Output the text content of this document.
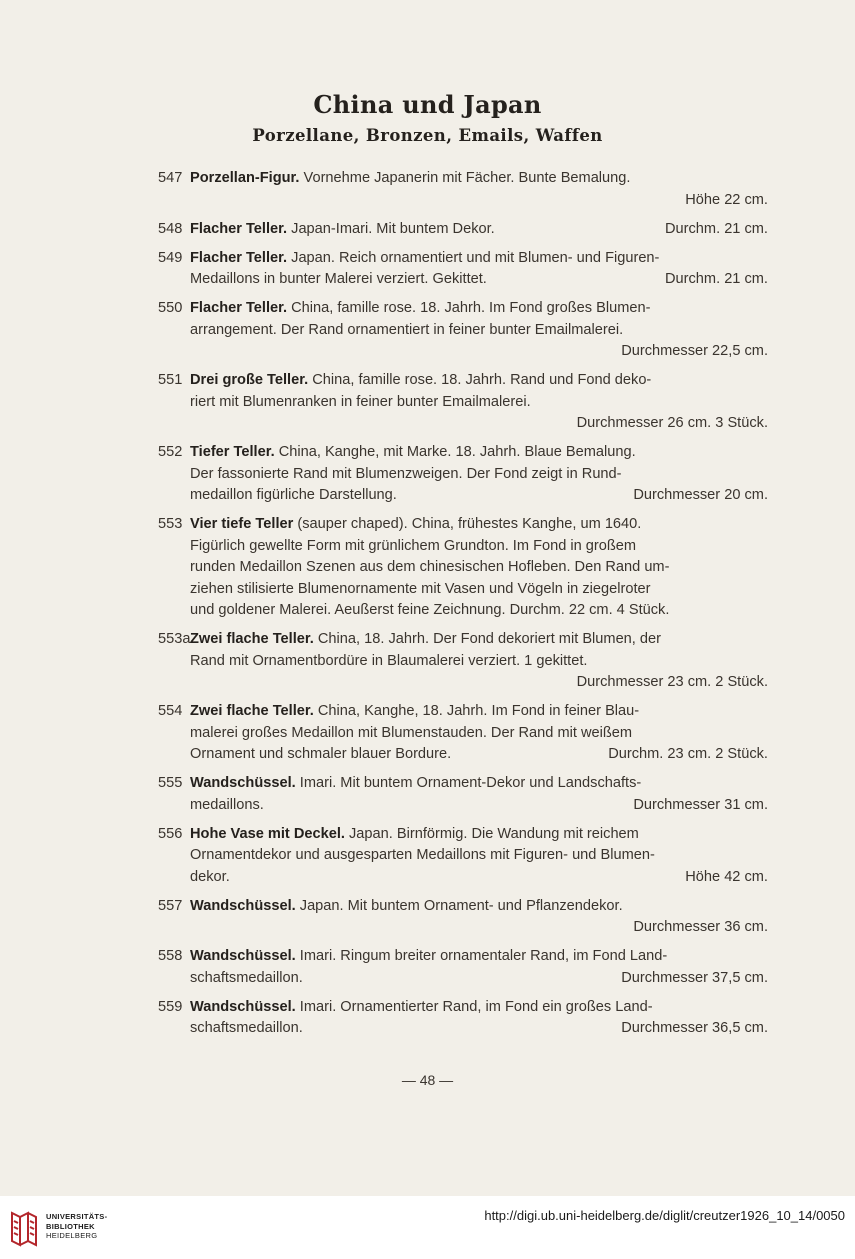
China und Japan
Porzellane, Bronzen, Emails, Waffen
547 Porzellan-Figur. Vornehme Japanerin mit Fächer. Bunte Bemalung.
Höhe 22 cm.
548 Flacher Teller. Japan-Imari. Mit buntem Dekor.	Durchm. 21 cm.
549 Flacher Teller. Japan. Reich ornamentiert und mit Blumen- und Figuren-
Medaillons in bunter Malerei verziert. Gekittet.	Durchm. 21 cm.
550 Flacher Teller. China, famille rose. 18. Jahrh. Im Fond großes Blumen-
arrangement. Der Rand ornamentiert in feiner bunter Emailmalerei.
Durchmesser 22,5 cm.
551 Drei große Teller. China, famille rose. 18. Jahrh. Rand und Fond deko-
riert mit Blumenranken in feiner bunter Emailmalerei.
Durchmesser 26 cm. 3 Stück.
552 Tiefer Teller. China, Kanghe, mit Marke. 18. Jahrh. Blaue Bemalung.
Der fassonierte Rand mit Blumenzweigen. Der Fond zeigt in Rund-
medaillon figürliche Darstellung.	Durchmesser 20 cm.
553 Vier tiefe Teller (sauper chaped). China, frühestes Kanghe, um 1640.
Figürlich gewellte Form mit grünlichem Grundton. Im Fond in großem
runden Medaillon Szenen aus dem chinesischen Hofleben. Den Rand um-
ziehen stilisierte Blumenornamente mit Vasen und Vögeln in ziegelroter
und goldener Malerei. Aeußerst feine Zeichnung. Durchm. 22 cm. 4 Stück.
553a Zwei flache Teller. China, 18. Jahrh. Der Fond dekoriert mit Blumen, der
Rand mit Ornamentbordüre in Blaumalerei verziert. 1 gekittet.
Durchmesser 23 cm. 2 Stück.
554 Zwei flache Teller. China, Kanghe, 18. Jahrh. Im Fond in feiner Blau-
malerei großes Medaillon mit Blumenstauden. Der Rand mit weißem
Ornament und schmaler blauer Bordure.	Durchm. 23 cm. 2 Stück.
555 Wandschüssel. Imari. Mit buntem Ornament-Dekor und Landschafts-
medaillons.	Durchmesser 31 cm.
556 Hohe Vase mit Deckel. Japan. Birnförmig. Die Wandung mit reichem
Ornamentdekor und ausgesparten Medaillons mit Figuren- und Blumen-
dekor.	Höhe 42 cm.
557 Wandschüssel. Japan. Mit buntem Ornament- und Pflanzendekor.
Durchmesser 36 cm.
558 Wandschüssel. Imari. Ringum breiter ornamentaler Rand, im Fond Land-
schaftsmedaillon.	Durchmesser 37,5 cm.
559 Wandschüssel. Imari. Ornamentierter Rand, im Fond ein großes Land-
schaftsmedaillon.	Durchmesser 36,5 cm.
— 48 —
UNIVERSITÄTS-
BIBLIOTHEK
HEIDELBERG
http://digi.ub.uni-heidelberg.de/diglit/creutzer1926_10_14/0050
